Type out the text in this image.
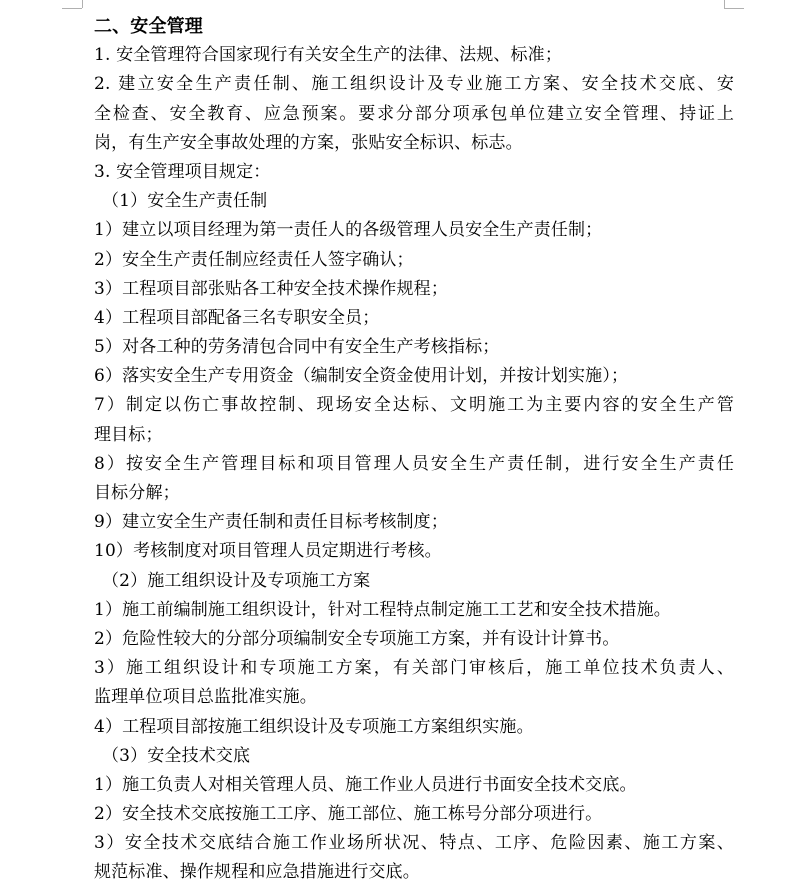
二、安全管理
1. 安全管理符合国家现行有关安全生产的法律、法规、标准；
2. 建立安全生产责任制、施工组织设计及专业施工方案、安全技术交底、安
全检查、安全教育、应急预案。要求分部分项承包单位建立安全管理、持证上
岗，有生产安全事故处理的方案，张贴安全标识、标志。
3. 安全管理项目规定：
（1）安全生产责任制
1）建立以项目经理为第一责任人的各级管理人员安全生产责任制；
2）安全生产责任制应经责任人签字确认；
3）工程项目部张贴各工种安全技术操作规程；
4）工程项目部配备三名专职安全员；
5）对各工种的劳务清包合同中有安全生产考核指标；
6）落实安全生产专用资金（编制安全资金使用计划，并按计划实施）；
7）制定以伤亡事故控制、现场安全达标、文明施工为主要内容的安全生产管
理目标；
8）按安全生产管理目标和项目管理人员安全生产责任制，进行安全生产责任
目标分解；
9）建立安全生产责任制和责任目标考核制度；
10）考核制度对项目管理人员定期进行考核。
（2）施工组织设计及专项施工方案
1）施工前编制施工组织设计，针对工程特点制定施工工艺和安全技术措施。
2）危险性较大的分部分项编制安全专项施工方案，并有设计计算书。
3）施工组织设计和专项施工方案，有关部门审核后，施工单位技术负责人、
监理单位项目总监批准实施。
4）工程项目部按施工组织设计及专项施工方案组织实施。
（3）安全技术交底
1）施工负责人对相关管理人员、施工作业人员进行书面安全技术交底。
2）安全技术交底按施工工序、施工部位、施工栋号分部分项进行。
3）安全技术交底结合施工作业场所状况、特点、工序、危险因素、施工方案、
规范标准、操作规程和应急措施进行交底。
